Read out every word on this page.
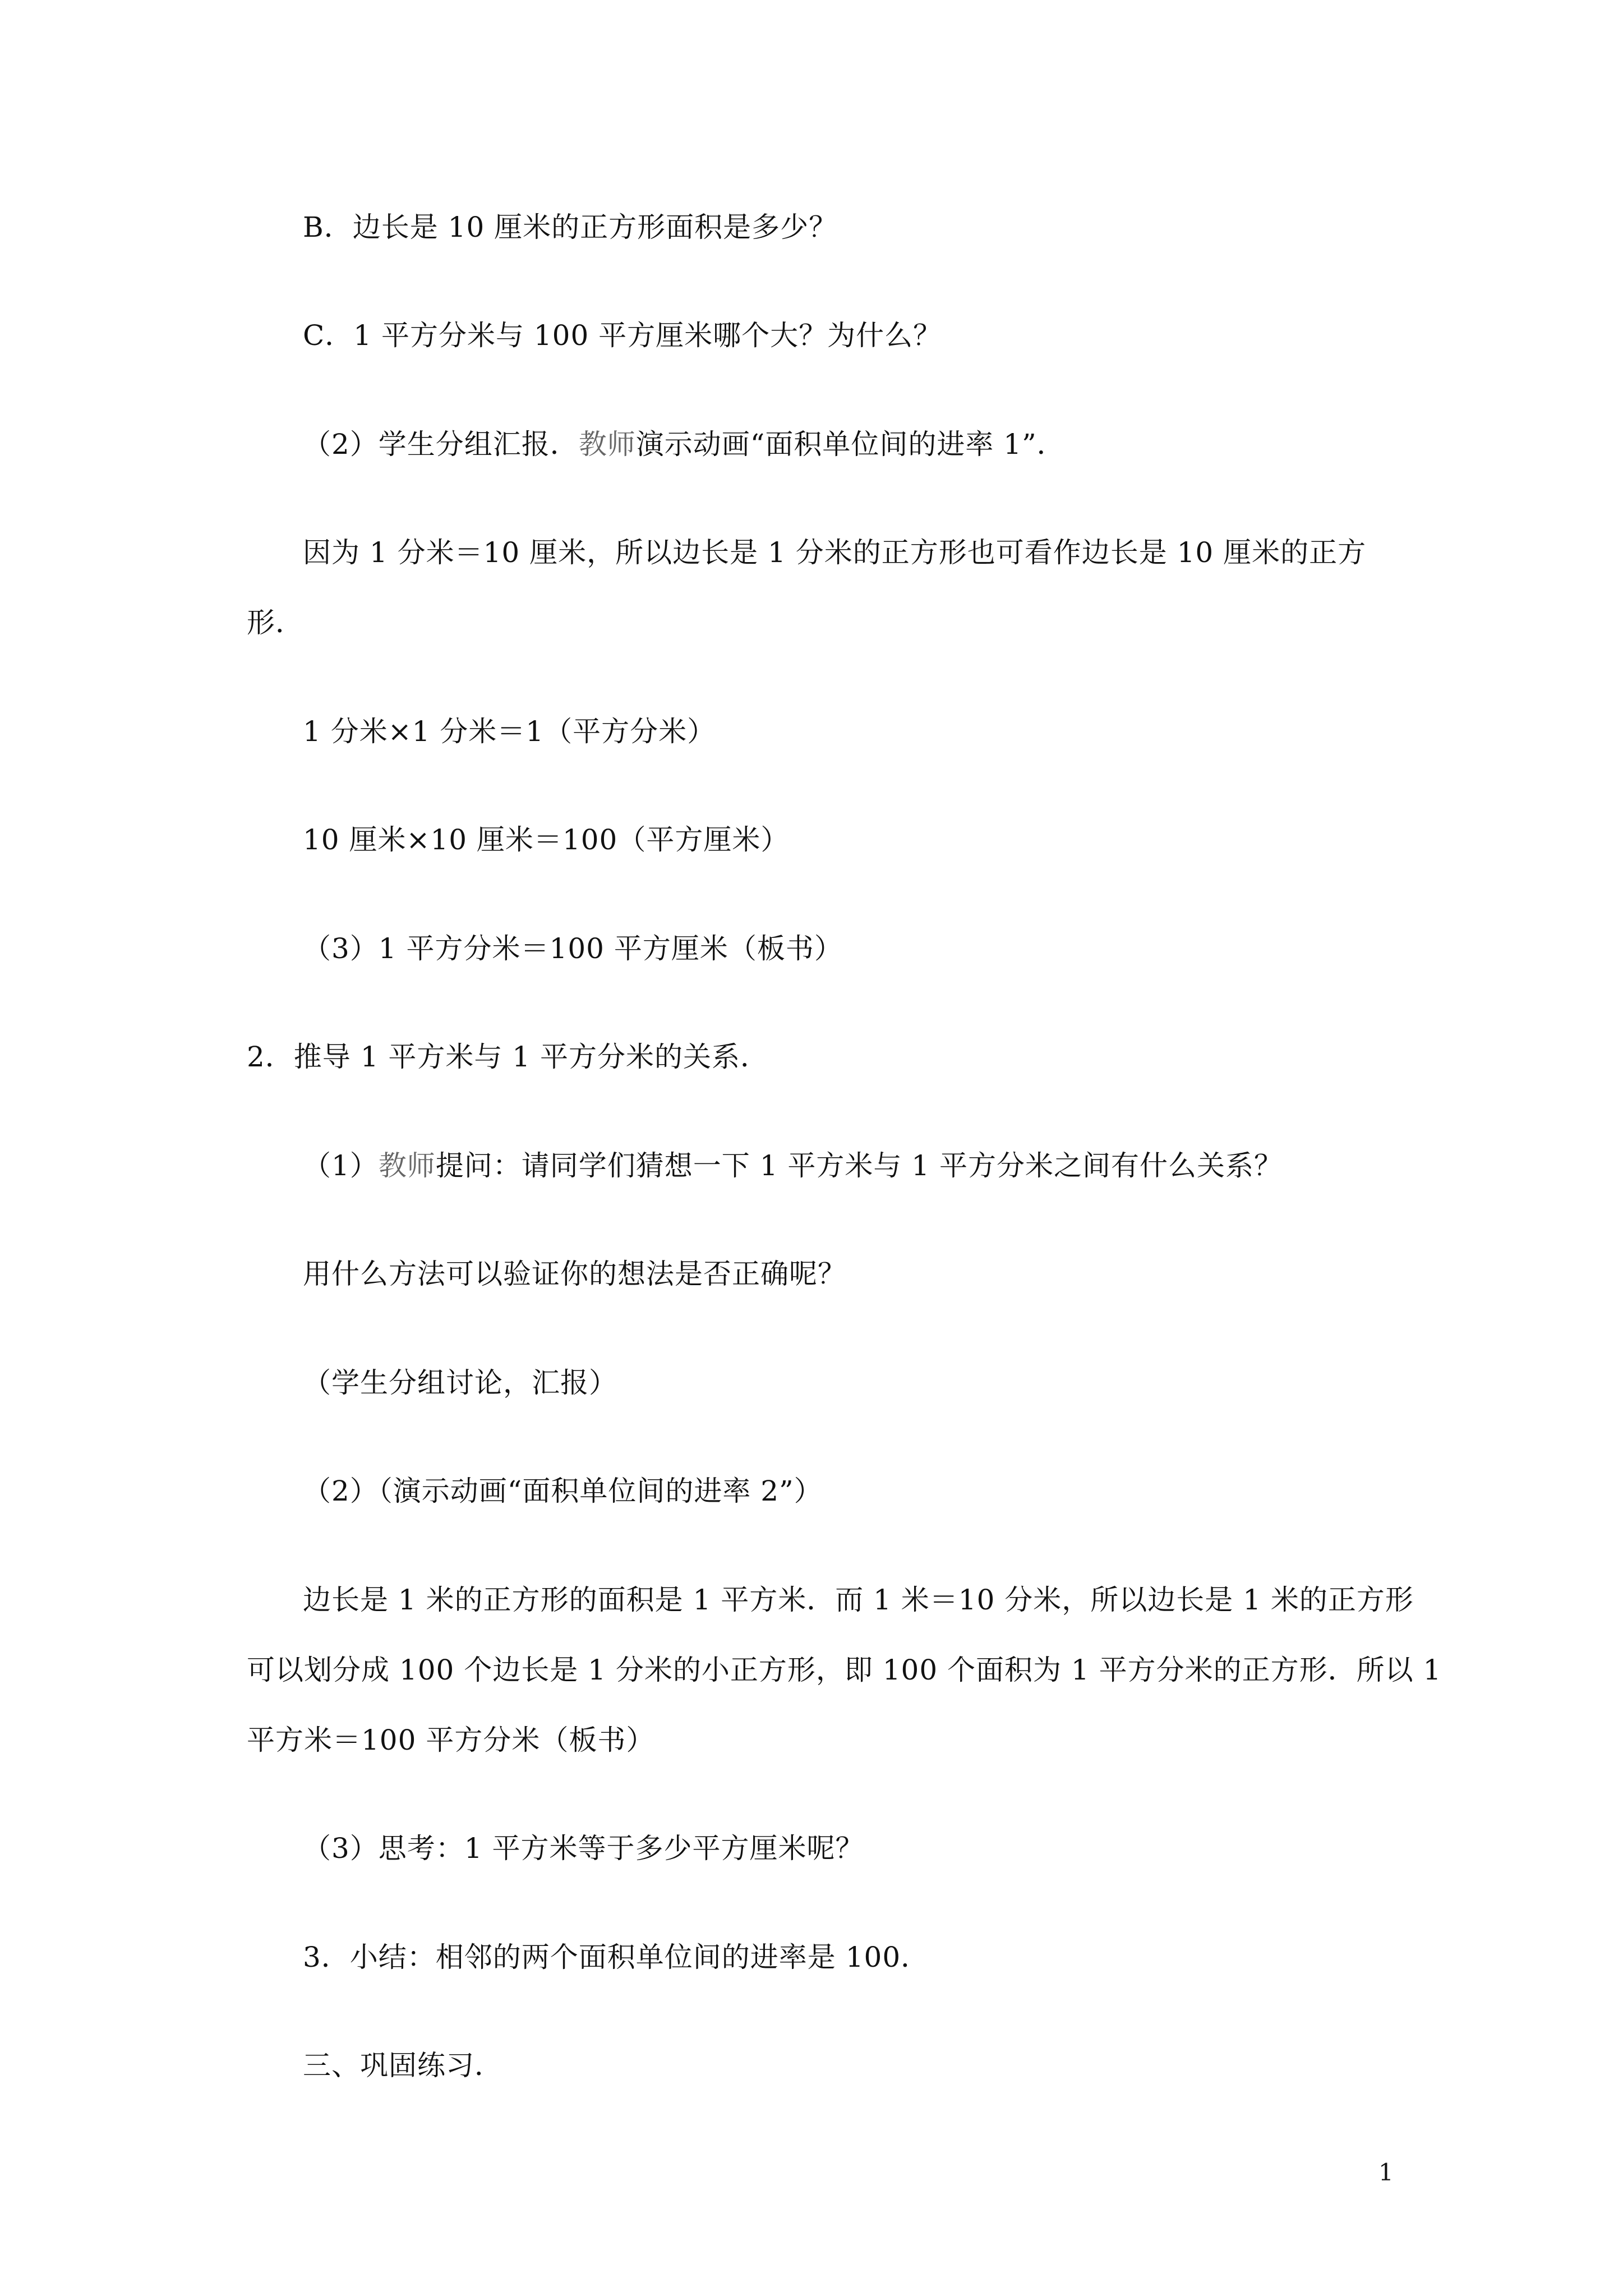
B．边长是 10 厘米的正方形面积是多少？
C．1 平方分米与 100 平方厘米哪个大？为什么？
（2）学生分组汇报．教师演示动画“面积单位间的进率 1”．
因为 1 分米＝10 厘米，所以边长是 1 分米的正方形也可看作边长是 10 厘米的正方
形．
1 分米×1 分米＝1（平方分米）
10 厘米×10 厘米＝100（平方厘米）
（3）1 平方分米＝100 平方厘米（板书）
2．推导 1 平方米与 1 平方分米的关系．
（1）教师提问：请同学们猜想一下 1 平方米与 1 平方分米之间有什么关系？
用什么方法可以验证你的想法是否正确呢？
（学生分组讨论，汇报）
（2）（演示动画“面积单位间的进率 2”）
边长是 1 米的正方形的面积是 1 平方米．而 1 米＝10 分米，所以边长是 1 米的正方形
可以划分成 100 个边长是 1 分米的小正方形，即 100 个面积为 1 平方分米的正方形．所以 1
平方米＝100 平方分米（板书）
（3）思考：1 平方米等于多少平方厘米呢？
3．小结：相邻的两个面积单位间的进率是 100．
三、巩固练习．
1
